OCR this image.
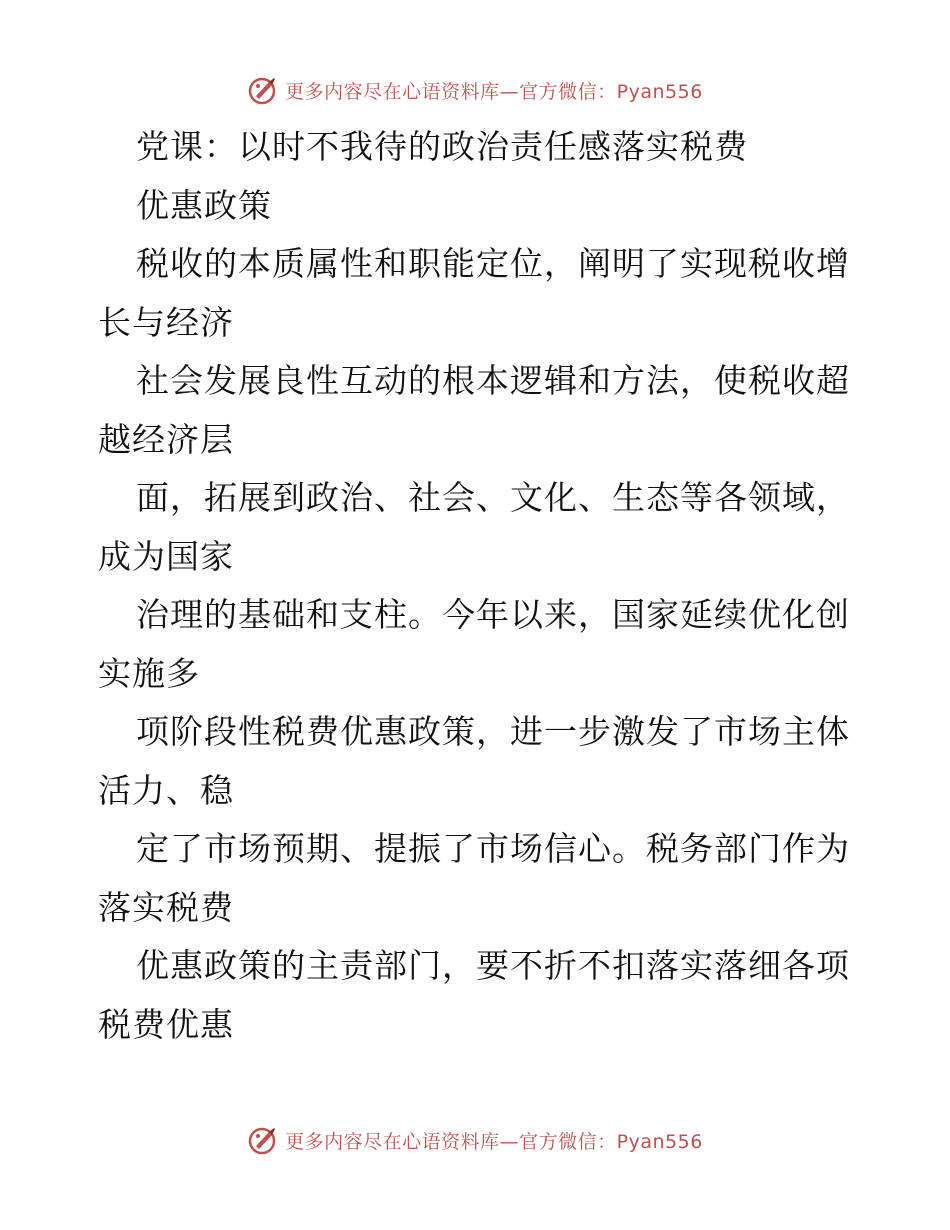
更多内容尽在心语资料库—官方微信：Pyan556
党课：以时不我待的政治责任感落实税费
优惠政策
税收的本质属性和职能定位，阐明了实现税收增
长与经济
社会发展良性互动的根本逻辑和方法，使税收超
越经济层
面，拓展到政治、社会、文化、生态等各领域，
成为国家
治理的基础和支柱。今年以来，国家延续优化创
实施多
项阶段性税费优惠政策，进一步激发了市场主体
活力、稳
定了市场预期、提振了市场信心。税务部门作为
落实税费
优惠政策的主责部门，要不折不扣落实落细各项
税费优惠
更多内容尽在心语资料库—官方微信：Pyan556
